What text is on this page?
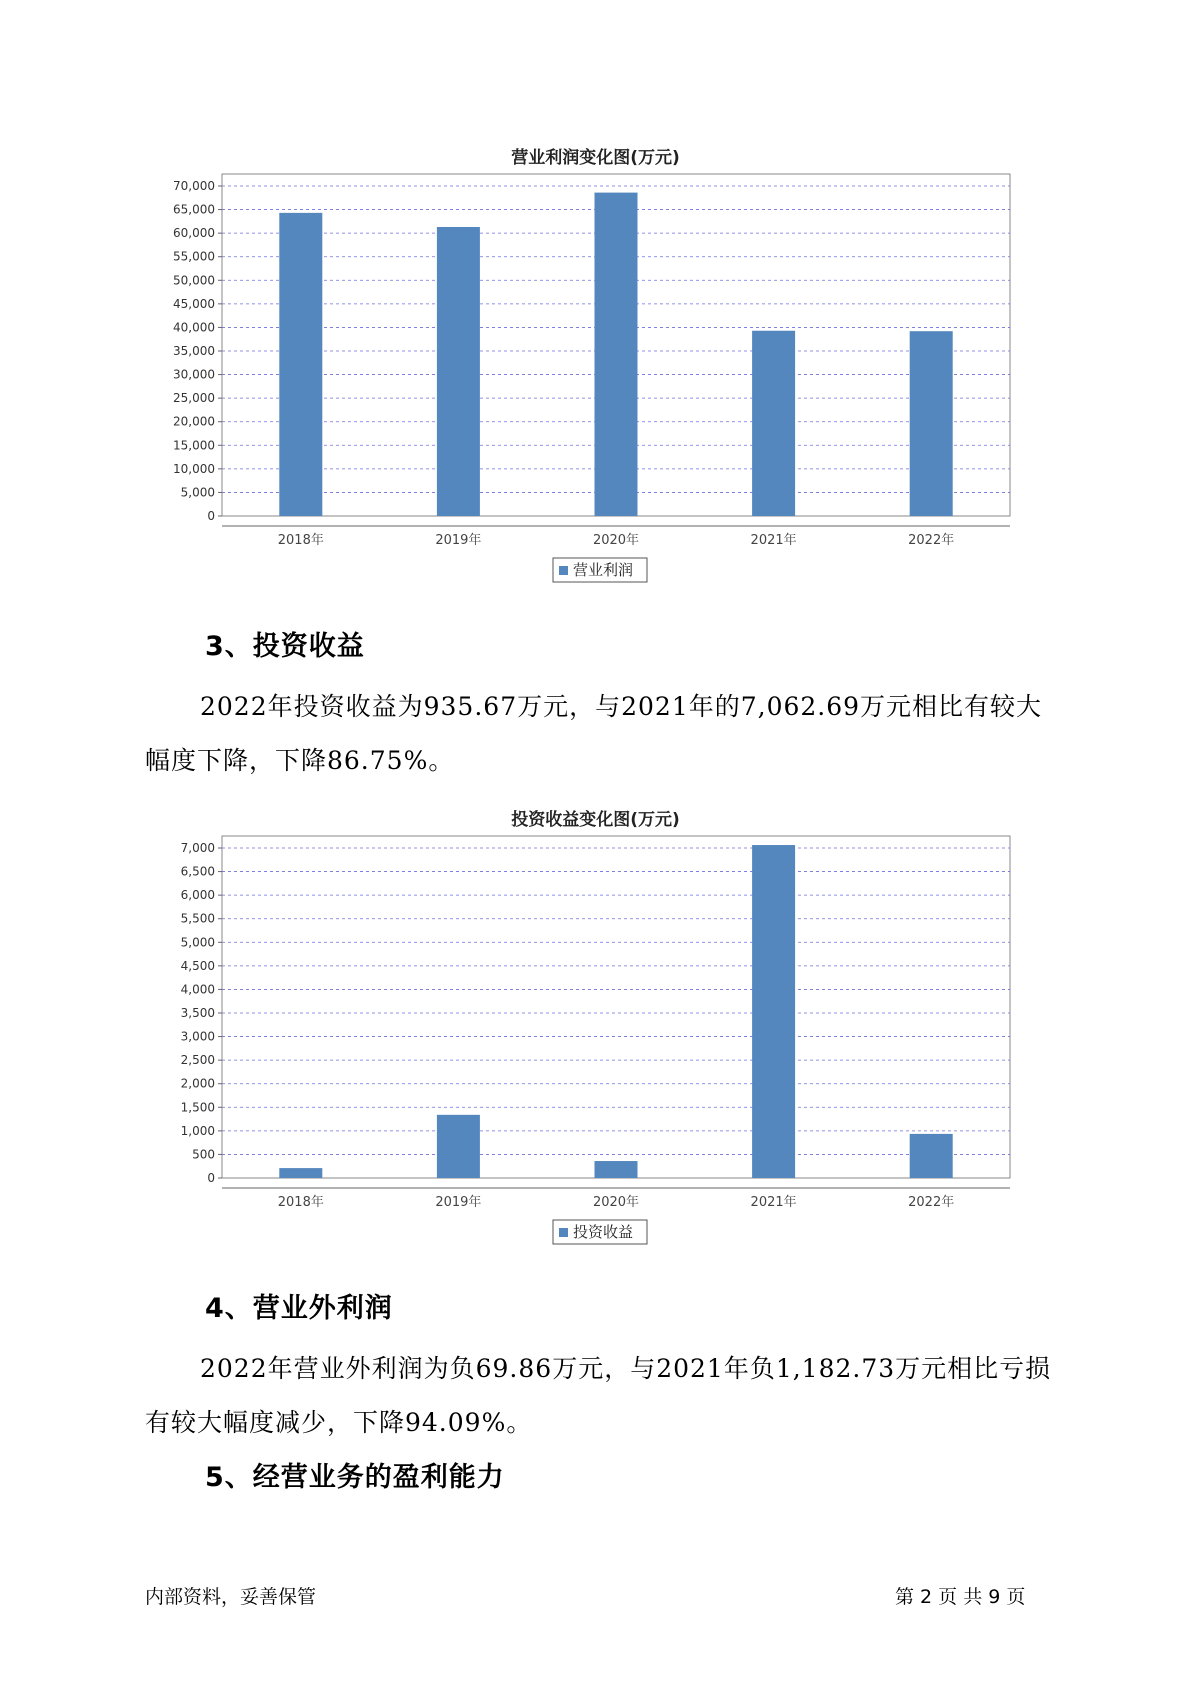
营业利润变化图(万元)
0
5,000
10,000
15,000
20,000
25,000
30,000
35,000
40,000
45,000
50,000
55,000
60,000
65,000
70,000
2018年	2019年	2020年	2021年	2022年
营业利润
3、投资收益
2022年投资收益为935.67万元，与2021年的7,062.69万元相比有较大
幅度下降，下降86.75%。
投资收益变化图(万元)
0
500
1,000
1,500
2,000
2,500
3,000
3,500
4,000
4,500
5,000
5,500
6,000
6,500
7,000
2018年	2019年	2020年	2021年	2022年
投资收益
4、营业外利润
2022年营业外利润为负69.86万元，与2021年负1,182.73万元相比亏损
有较大幅度减少，下降94.09%。
5、经营业务的盈利能力
内部资料，妥善保管	第 2 页 共 9 页
